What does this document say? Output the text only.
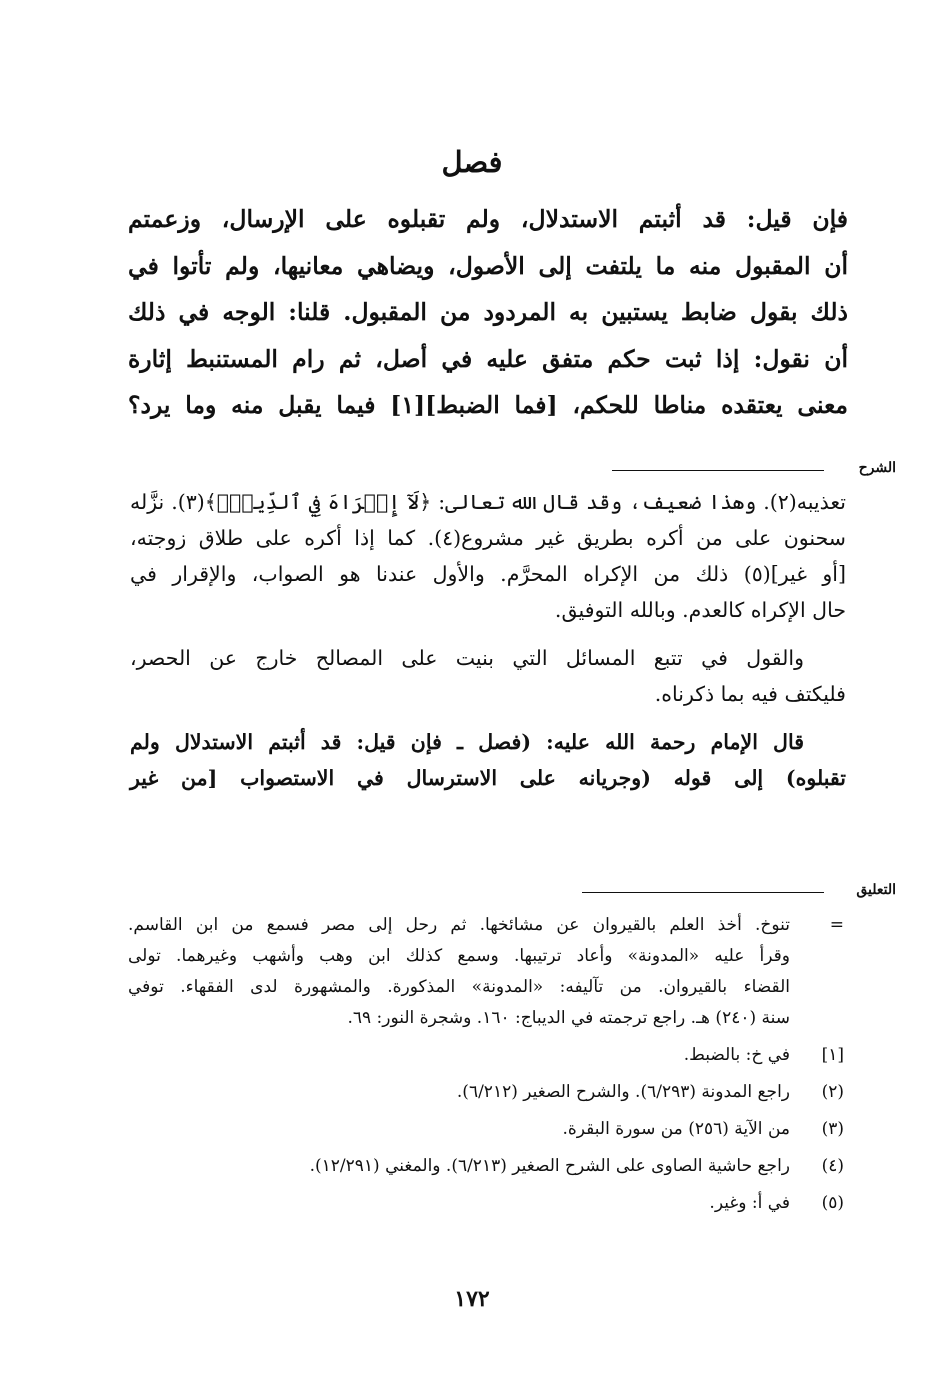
فصل
فإن قيل: قد أثبتم الاستدلال، ولم تقبلوه على الإرسال، وزعمتم
أن المقبول منه ما يلتفت إلى الأصول، ويضاهي معانيها، ولم تأتوا في
ذلك بقول ضابط يستبين به المردود من المقبول. قلنا: الوجه في ذلك
أن نقول: إذا ثبت حكم متفق عليه في أصل، ثم رام المستنبط إثارة
معنى يعتقده مناطا للحكم، [فما الضبط][١] فيما يقبل منه وما يرد؟
الشرح
تعذيبه(٢). وهذا ضعيف، وقد قال الله تعالى: ﴿لَآ إِكۡرَاهَ فِي ٱلدِّينِۖ﴾(٣). نزَّله
سحنون على من أكره بطريق غير مشروع(٤). كما إذا أكره على طلاق زوجته،
[أو غير](٥) ذلك من الإكراه المحرَّم. والأول عندنا هو الصواب، والإقرار في
حال الإكراه كالعدم. وبالله التوفيق.
والقول في تتبع المسائل التي بنيت على المصالح خارج عن الحصر،
فليكتف فيه بما ذكرناه.
قال الإمام رحمة الله عليه: (فصل ـ فإن قيل: قد أثبتم الاستدلال ولم
تقبلوه) إلى قوله (وجريانه على الاسترسال في الاستصواب [من غير
التعليق
=
تنوخ. أخذ العلم بالقيروان عن مشائخها. ثم رحل إلى مصر فسمع من ابن القاسم.
وقرأ عليه «المدونة» وأعاد ترتيبها. وسمع كذلك ابن وهب وأشهب وغيرهما. تولى
القضاء بالقيروان. من تآليفه: «المدونة» المذكورة. والمشهورة لدى الفقهاء. توفي
سنة (٢٤٠) هـ. راجع ترجمته في الديباج: ١٦٠. وشجرة النور: ٦٩.
[١]
في خ: بالضبط.
(٢)
راجع المدونة (٦/٢٩٣). والشرح الصغير (٦/٢١٢).
(٣)
من الآية (٢٥٦) من سورة البقرة.
(٤)
راجع حاشية الصاوى على الشرح الصغير (٦/٢١٣). والمغني (١٢/٢٩١).
(٥)
في أ: وغير.
١٧٢
